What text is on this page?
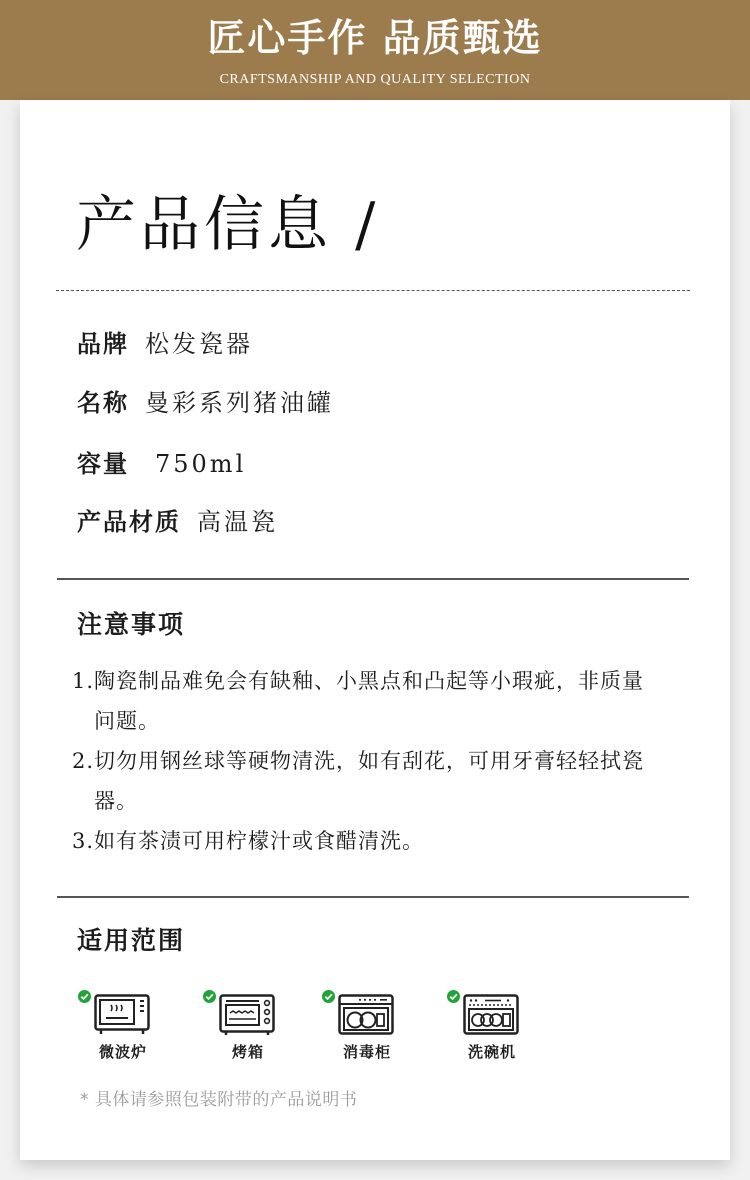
匠心手作 品质甄选
CRAFTSMANSHIP AND QUALITY SELECTION
产品信息 /
品牌 松发瓷器
名称 曼彩系列猪油罐
容量 750ml
产品材质 高温瓷
注意事项
1.陶瓷制品难免会有缺釉、小黑点和凸起等小瑕疵，非质量问题。
2.切勿用钢丝球等硬物清洗，如有刮花，可用牙膏轻轻拭瓷器。
3.如有茶渍可用柠檬汁或食醋清洗。
适用范围
微波炉	烤箱	消毒柜	洗碗机
* 具体请参照包装附带的产品说明书
